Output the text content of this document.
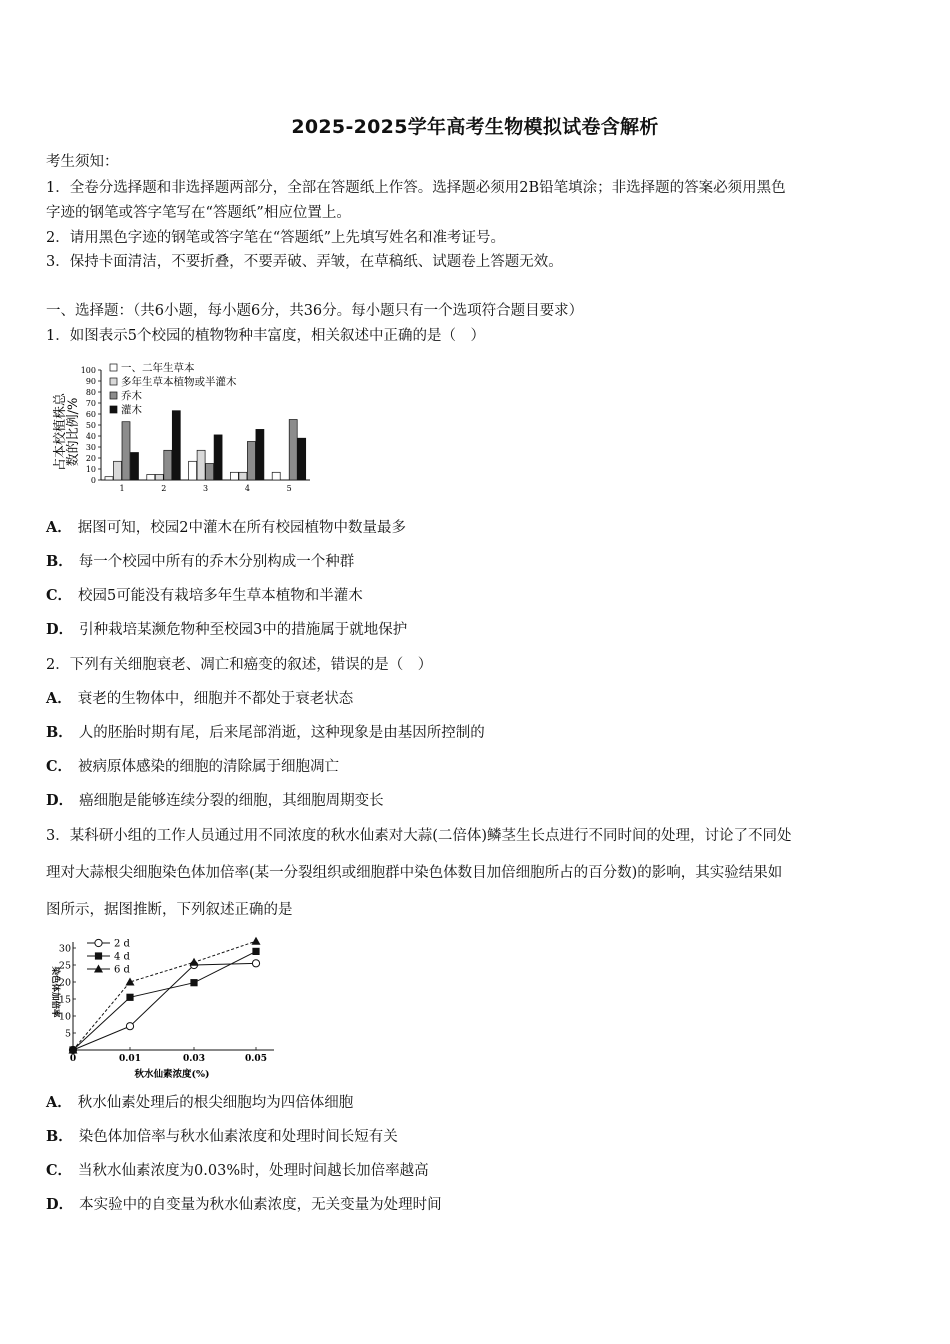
2025-2025学年高考生物模拟试卷含解析
考生须知：
1．全卷分选择题和非选择题两部分，全部在答题纸上作答。选择题必须用2B铅笔填涂；非选择题的答案必须用黑色
字迹的钢笔或答字笔写在“答题纸”相应位置上。
2．请用黑色字迹的钢笔或答字笔在“答题纸”上先填写姓名和准考证号。
3．保持卡面清洁，不要折叠，不要弄破、弄皱，在草稿纸、试题卷上答题无效。
一、选择题：（共6小题，每小题6分，共36分。每小题只有一个选项符合题目要求）
1．如图表示5个校园的植物物种丰富度，相关叙述中正确的是（　）
占本校植株总
数的比例/%
0
10
20
30
40
50
60
70
80
90
100
1	2	3	4	5
一、二年生草本
多年生草本植物或半灌木
乔木
灌木
A． 据图可知，校园2中灌木在所有校园植物中数量最多
B． 每一个校园中所有的乔木分别构成一个种群
C． 校园5可能没有栽培多年生草本植物和半灌木
D． 引种栽培某濒危物种至校园3中的措施属于就地保护
2．下列有关细胞衰老、凋亡和癌变的叙述，错误的是（　）
A． 衰老的生物体中，细胞并不都处于衰老状态
B． 人的胚胎时期有尾，后来尾部消逝，这种现象是由基因所控制的
C． 被病原体感染的细胞的清除属于细胞凋亡
D． 癌细胞是能够连续分裂的细胞，其细胞周期变长
3．某科研小组的工作人员通过用不同浓度的秋水仙素对大蒜(二倍体)鳞茎生长点进行不同时间的处理，讨论了不同处
理对大蒜根尖细胞染色体加倍率(某一分裂组织或细胞群中染色体数目加倍细胞所占的百分数)的影响，其实验结果如
图所示，据图推断，下列叙述正确的是
染色体加倍率
5
10
15
20
25
30
0	0.01	0.03	0.05
2 d
4 d
6 d
秋水仙素浓度(%)
A． 秋水仙素处理后的根尖细胞均为四倍体细胞
B． 染色体加倍率与秋水仙素浓度和处理时间长短有关
C． 当秋水仙素浓度为0.03%时，处理时间越长加倍率越高
D． 本实验中的自变量为秋水仙素浓度，无关变量为处理时间
